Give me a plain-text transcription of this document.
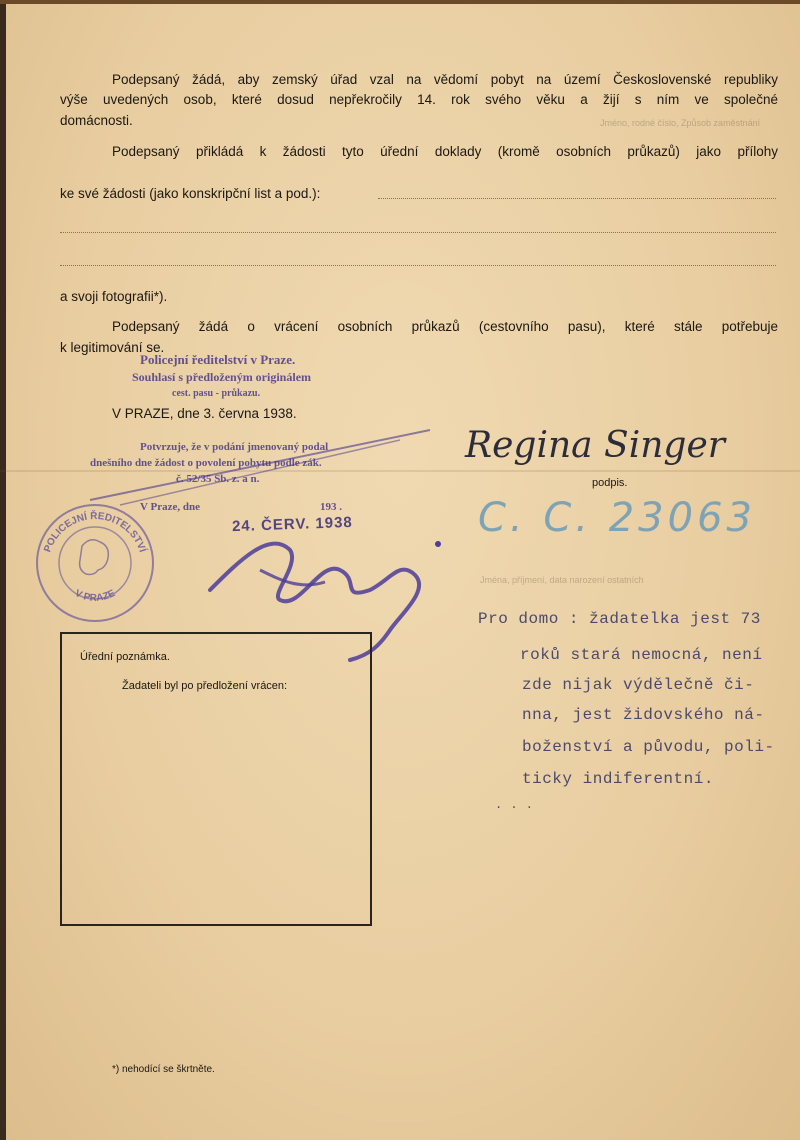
Jméno, rodné číslo, Způsob zaměstnání
Jména, příjmení, data narození ostatních
Podepsaný žádá, aby zemský úřad vzal na vědomí pobyt na území Československé republiky
výše uvedených osob, které dosud nepřekročily 14. rok svého věku a žijí s ním ve společné
domácnosti.
Podepsaný přikládá k žádosti tyto úřední doklady (kromě osobních průkazů) jako přílohy
ke své žádosti (jako konskripční list a pod.):
a svoji fotografii*).
Podepsaný žádá o vrácení osobních průkazů (cestovního pasu), které stále potřebuje
k legitimování se.
V PRAZE, dne 3. června 1938.
Policejní ředitelství v Praze.
Souhlasí s předloženým originálem
cest. pasu - průkazu.
Potvrzuje, že v podání jmenovaný podal
dnešního dne žádost o povolení pobytu podle zák.
č. 52/35 Sb. z. a n.
V Praze, dne	193 .
24. ČERV. 1938
POLICEJNÍ ŘEDITELSTVÍ
V PRAZE
Regina Singer
podpis.
C. C. 23063
Pro domo : žadatelka jest 73
roků stará nemocná, není
zde nijak výdělečně či-
nna, jest židovského ná-
boženství a původu, poli-
ticky indiferentní.
. . .
Úřední poznámka.
Žadateli byl po předložení vrácen:
*) nehodící se škrtněte.
